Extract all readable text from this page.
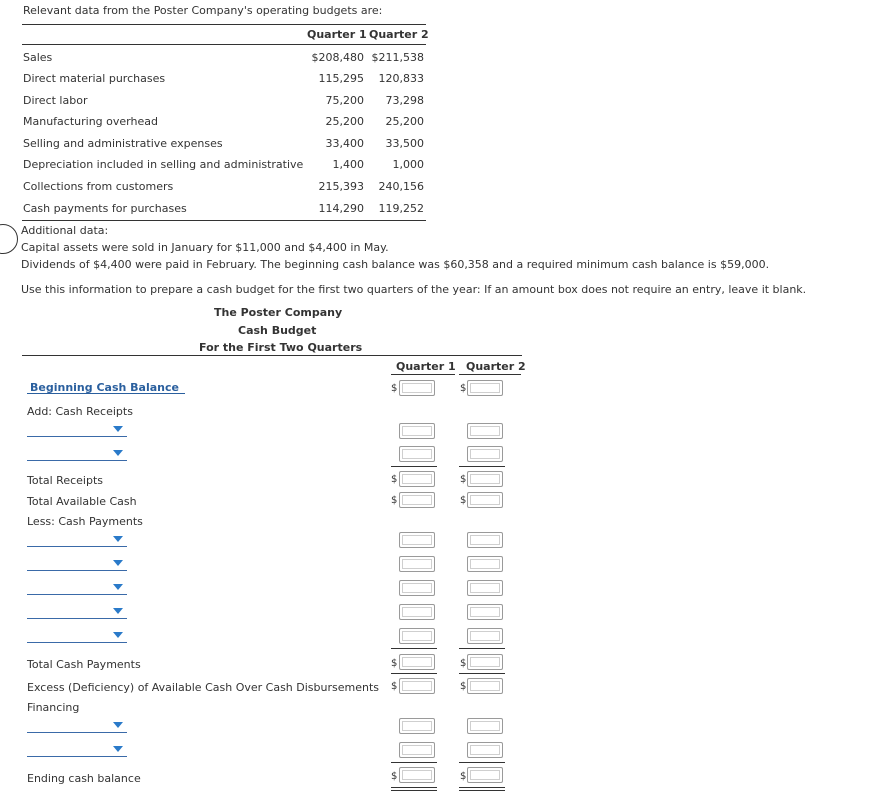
Relevant data from the Poster Company's operating budgets are:
Quarter 1 Quarter 2
Sales	$208,480 $211,538
Direct material purchases	115,295	120,833
Direct labor	75,200	73,298
Manufacturing overhead	25,200	25,200
Selling and administrative expenses	33,400	33,500
Depreciation included in selling and administrative	1,400	1,000
Collections from customers	215,393	240,156
Cash payments for purchases	114,290	119,252
Additional data:
Capital assets were sold in January for $11,000 and $4,400 in May.
Dividends of $4,400 were paid in February. The beginning cash balance was $60,358 and a required minimum cash balance is $59,000.
Use this information to prepare a cash budget for the first two quarters of the year: If an amount box does not require an entry, leave it blank.
The Poster Company
Cash Budget
For the First Two Quarters
Quarter 1 Quarter 2
Beginning Cash Balance	$	$
Add: Cash Receipts
Total Receipts	$	$
Total Available Cash	$	$
Less: Cash Payments
Total Cash Payments	$	$
Excess (Deficiency) of Available Cash Over Cash Disbursements $	$
Financing
Ending cash balance	$	$
